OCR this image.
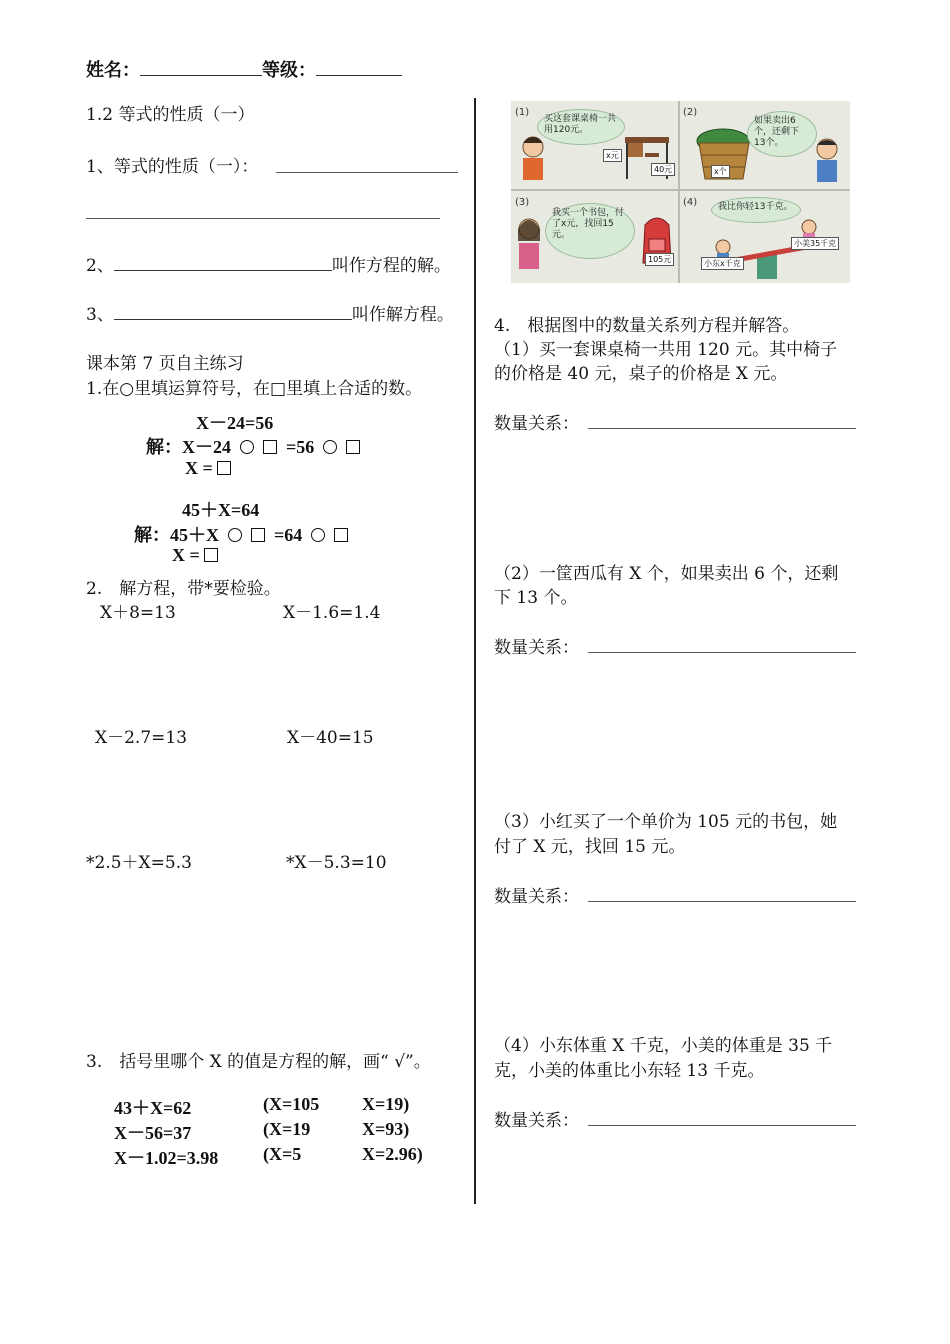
姓名：	等级：
1.2 等式的性质（一）
1、等式的性质（一）：
2、	叫作方程的解。
3、	叫作解方程。
课本第 7 页自主练习
1.在○里填运算符号，在□里填上合适的数。
X－24=56
解：X－24	=56
X =
45＋X=64
解：45＋X	=64
X =
2.　解方程，带*要检验。
X＋8=13	X－1.6=1.4
X－2.7=13	X－40=15
*2.5＋X=5.3	*X－5.3=10
3.　括号里哪个 X 的值是方程的解，画“ √”。
43＋X=62	(X=105 X=19)
X－56=37	(X=19	X=93)
X－1.02=3.98 (X=5	X=2.96)
(1)
买这套课桌椅一共用120元。
x元
40元
(2)
x个
如果卖出6个，还剩下13个。
(3)
我买一个书包，付了x元，找回15元。
105元
(4)	我比你轻13千克。
小东x千克
小美35千克
4.　根据图中的数量关系列方程并解答。
（1）买一套课桌椅一共用 120 元。其中椅子
的价格是 40 元，桌子的价格是 X 元。
数量关系：
（2）一筐西瓜有 X 个，如果卖出 6 个，还剩
下 13 个。
数量关系：
（3）小红买了一个单价为 105 元的书包，她
付了 X 元，找回 15 元。
数量关系：
（4）小东体重 X 千克，小美的体重是 35 千
克，小美的体重比小东轻 13 千克。
数量关系：
